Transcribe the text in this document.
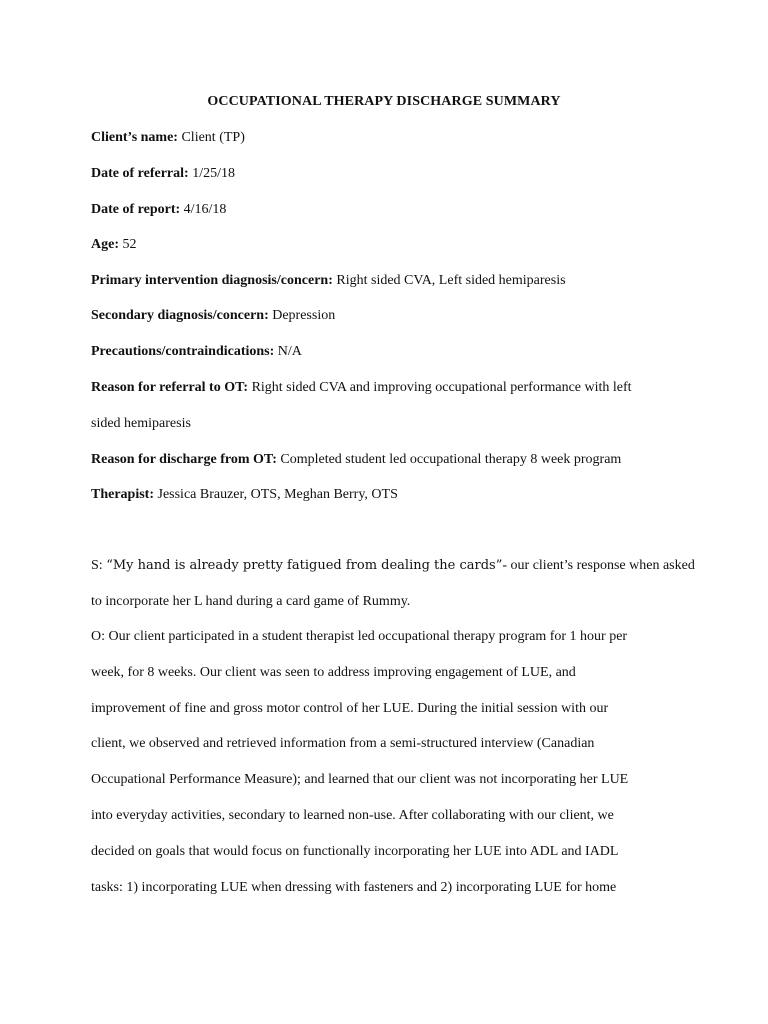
OCCUPATIONAL THERAPY DISCHARGE SUMMARY
Client’s name: Client (TP)
Date of referral: 1/25/18
Date of report: 4/16/18
Age: 52
Primary intervention diagnosis/concern: Right sided CVA, Left sided hemiparesis
Secondary diagnosis/concern: Depression
Precautions/contraindications: N/A
Reason for referral to OT: Right sided CVA and improving occupational performance with left
sided hemiparesis
Reason for discharge from OT: Completed student led occupational therapy 8 week program
Therapist: Jessica Brauzer, OTS, Meghan Berry, OTS
S: “My hand is already pretty fatigued from dealing the cards”- our client’s response when asked
to incorporate her L hand during a card game of Rummy.
O: Our client participated in a student therapist led occupational therapy program for 1 hour per
week, for 8 weeks. Our client was seen to address improving engagement of LUE, and
improvement of fine and gross motor control of her LUE. During the initial session with our
client, we observed and retrieved information from a semi-structured interview (Canadian
Occupational Performance Measure); and learned that our client was not incorporating her LUE
into everyday activities, secondary to learned non-use. After collaborating with our client, we
decided on goals that would focus on functionally incorporating her LUE into ADL and IADL
tasks: 1) incorporating LUE when dressing with fasteners and 2) incorporating LUE for home
